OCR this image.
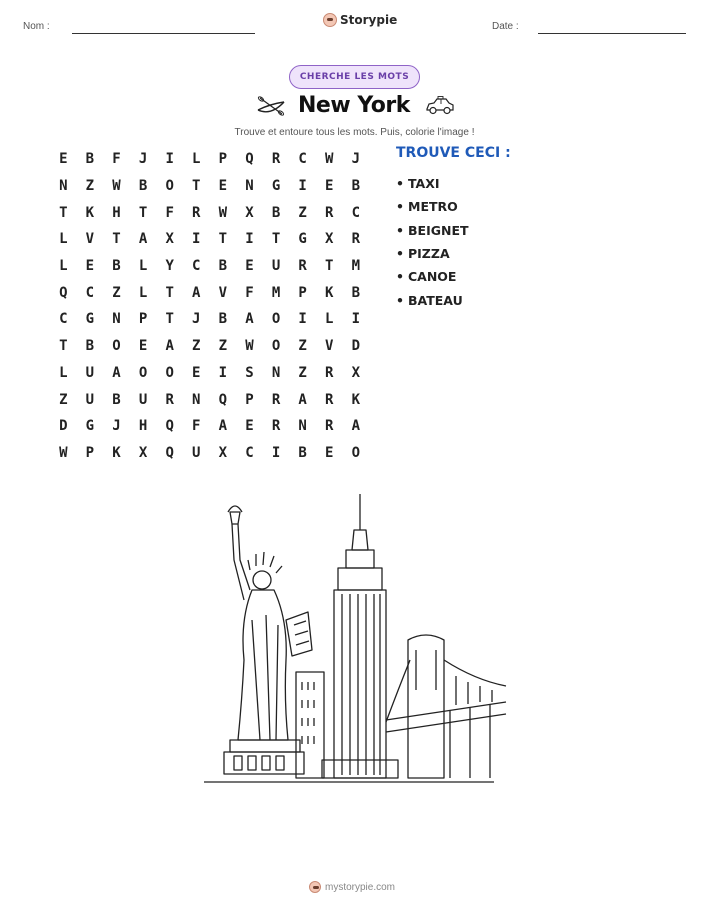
Nom :	Storypie	Date :
CHERCHE LES MOTS
New York
Trouve et entoure tous les mots. Puis, colorie l'image !
E	B	F	J	I	L	P	Q	R	C	W	J
N	Z	W	B	O	T	E	N	G	I	E	B
T	K	H	T	F	R	W	X	B	Z	R	C
L	V	T	A	X	I	T	I	T	G	X	R
L	E	B	L	Y	C	B	E	U	R	T	M
Q	C	Z	L	T	A	V	F	M	P	K	B
C	G	N	P	T	J	B	A	O	I	L	I
T	B	O	E	A	Z	Z	W	O	Z	V	D
L	U	A	O	O	E	I	S	N	Z	R	X
Z	U	B	U	R	N	Q	P	R	A	R	K
D	G	J	H	Q	F	A	E	R	N	R	A
W	P	K	X	Q	U	X	C	I	B	E	O
TROUVE CECI :
• TAXI
• METRO
• BEIGNET
• PIZZA
• CANOE
• BATEAU
mystorypie.com
